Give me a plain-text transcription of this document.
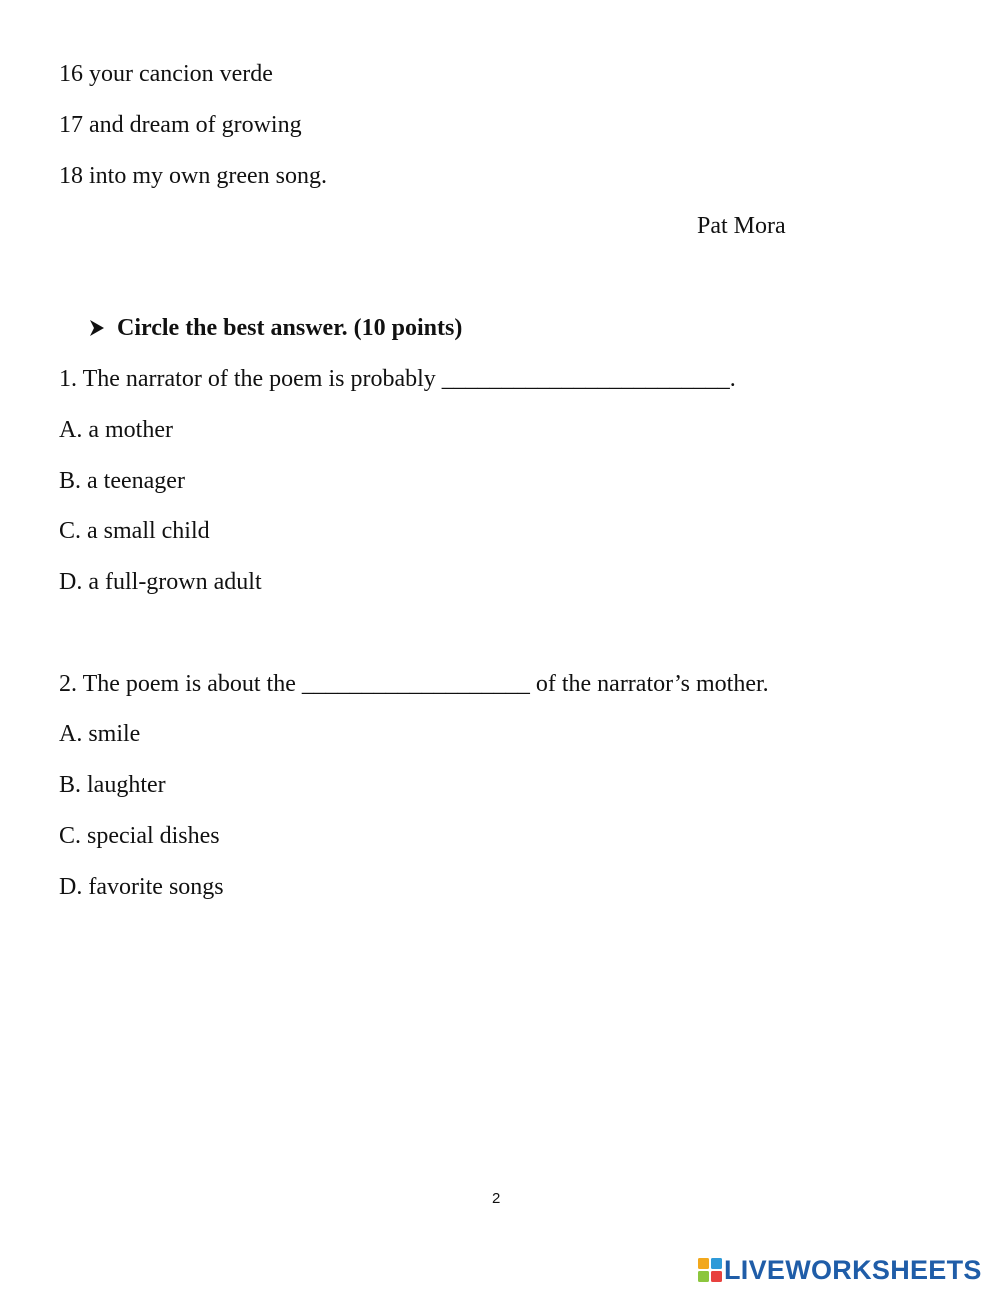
16 your cancion verde
17 and dream of growing
18 into my own green song.
Pat Mora
Circle the best answer. (10 points)
1. The narrator of the poem is probably ________________________.
A. a mother
B. a teenager
C. a small child
D. a full-grown adult
2. The poem is about the ___________________ of the narrator’s mother.
A. smile
B. laughter
C. special dishes
D. favorite songs
2
LIVEWORKSHEETS
